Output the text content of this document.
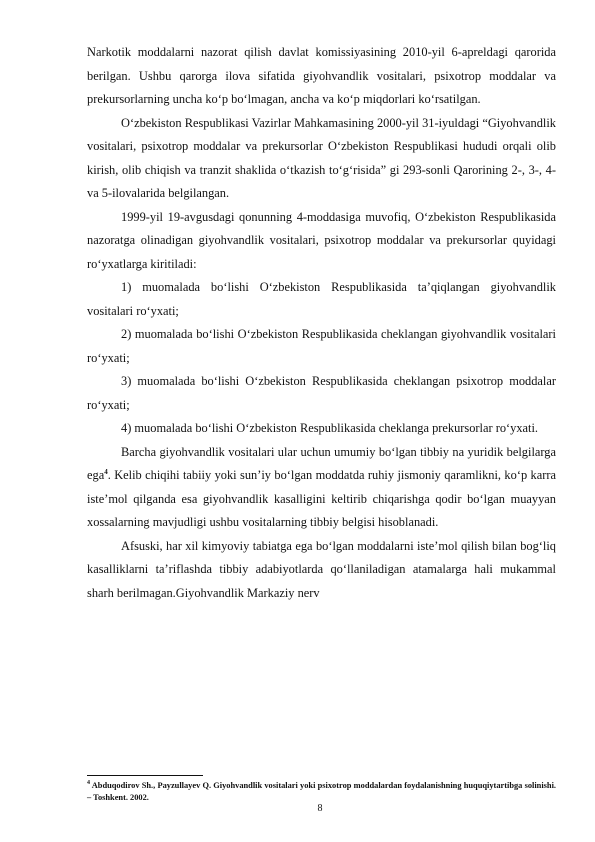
Narkotik moddalarni nazorat qilish davlat komissiyasining 2010-yil 6-apreldagi qarorida berilgan. Ushbu qarorga ilova sifatida giyohvandlik vositalari, psixotrop moddalar va prekursorlarning uncha ko‘p bo‘lmagan, ancha va ko‘p miqdorlari ko‘rsatilgan.

O‘zbekiston Respublikasi Vazirlar Mahkamasining 2000-yil 31-iyuldagi “Giyohvandlik vositalari, psixotrop moddalar va prekursorlar O‘zbekiston Respublikasi hududi orqali olib kirish, olib chiqish va tranzit shaklida o‘tkazish to‘g‘risida” gi 293-sonli Qarorining 2-, 3-, 4- va 5-ilovalarida belgilangan.

1999-yil 19-avgusdagi qonunning 4-moddasiga muvofiq, O‘zbekiston Respublikasida nazoratga olinadigan giyohvandlik vositalari, psixotrop moddalar va prekursorlar quyidagi ro‘yxatlarga kiritiladi:

1) muomalada bo‘lishi O‘zbekiston Respublikasida ta’qiqlangan giyohvandlik vositalari ro‘yxati;

2) muomalada bo‘lishi O‘zbekiston Respublikasida cheklangan giyohvandlik vositalari ro‘yxati;

3) muomalada bo‘lishi O‘zbekiston Respublikasida cheklangan psixotrop moddalar ro‘yxati;

4) muomalada bo‘lishi O‘zbekiston Respublikasida cheklanga prekursorlar ro‘yxati.

Barcha giyohvandlik vositalari ular uchun umumiy bo‘lgan tibbiy na yuridik belgilarga ega$^4$. Kelib chiqihi tabiiy yoki sun’iy bo‘lgan moddatda ruhiy jismoniy qaramlikni, ko‘p karra iste’mol qilganda esa giyohvandlik kasalligini keltirib chiqarishga qodir bo‘lgan muayyan xossalarning mavjudligi ushbu vositalarning tibbiy belgisi hisoblanadi.

Afsuski, har xil kimyoviy tabiatga ega bo‘lgan moddalarni iste’mol qilish bilan bog‘liq kasalliklarni ta’riflashda tibbiy adabiyotlarda qo‘llaniladigan atamalarga hali mukammal sharh berilmagan.Giyohvandlik Markaziy nerv

$^4$ Abduqodirov Sh., Payzullayev Q. Giyohvandlik vositalari yoki psixotrop moddalardan foydalanishning huquqiytartibga solinishi. – Toshkent. 2002.
8
